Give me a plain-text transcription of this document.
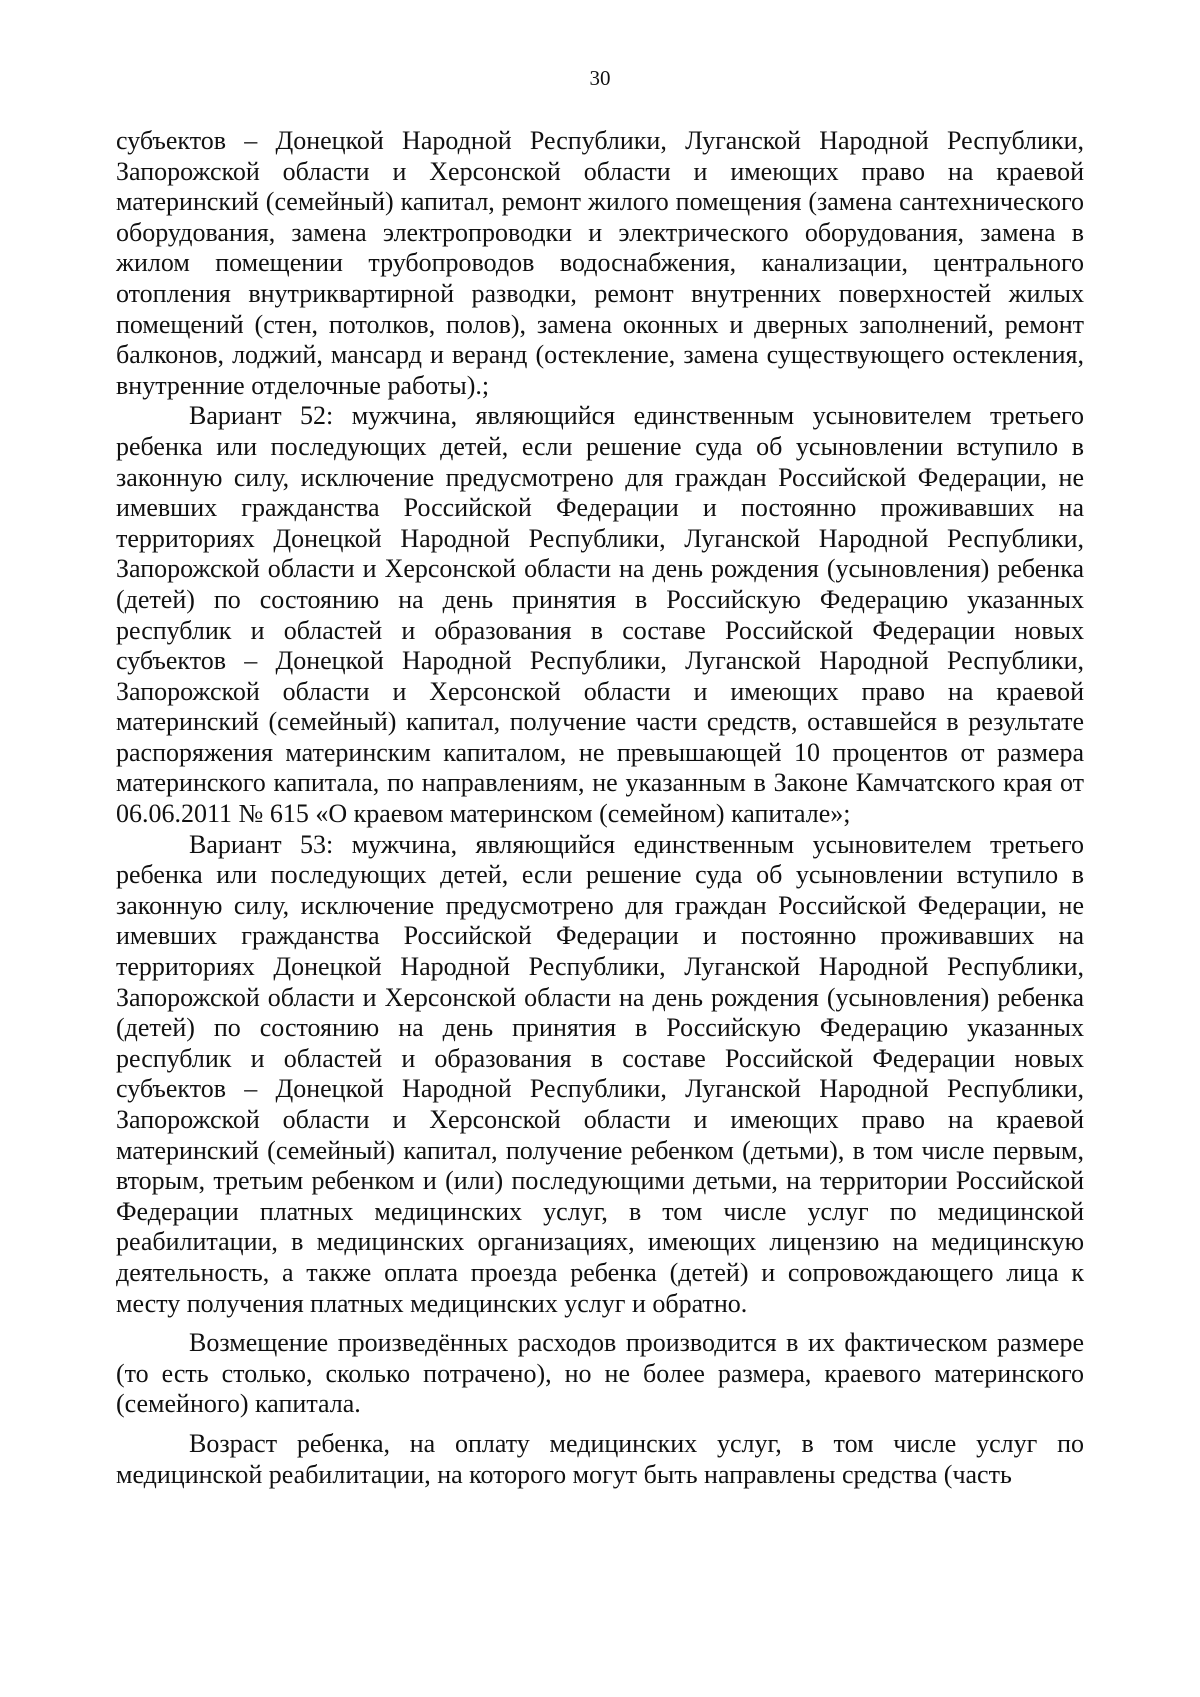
30

субъектов – Донецкой Народной Республики, Луганской Народной Республики, Запорожской области и Херсонской области и имеющих право на краевой материнский (семейный) капитал, ремонт жилого помещения (замена сантехнического оборудования, замена электропроводки и электрического оборудования, замена в жилом помещении трубопроводов водоснабжения, канализации, центрального отопления внутриквартирной разводки, ремонт внутренних поверхностей жилых помещений (стен, потолков, полов), замена оконных и дверных заполнений, ремонт балконов, лоджий, мансард и веранд (остекление, замена существующего остекления, внутренние отделочные работы).;

Вариант 52: мужчина, являющийся единственным усыновителем третьего ребенка или последующих детей, если решение суда об усыновлении вступило в законную силу, исключение предусмотрено для граждан Российской Федерации, не имевших гражданства Российской Федерации и постоянно проживавших на территориях Донецкой Народной Республики, Луганской Народной Республики, Запорожской области и Херсонской области на день рождения (усыновления) ребенка (детей) по состоянию на день принятия в Российскую Федерацию указанных республик и областей и образования в составе Российской Федерации новых субъектов – Донецкой Народной Республики, Луганской Народной Республики, Запорожской области и Херсонской области и имеющих право на краевой материнский (семейный) капитал, получение части средств, оставшейся в результате распоряжения материнским капиталом, не превышающей 10 процентов от размера материнского капитала, по направлениям, не указанным в Законе Камчатского края от 06.06.2011 № 615 «О краевом материнском (семейном) капитале»;

Вариант 53: мужчина, являющийся единственным усыновителем третьего ребенка или последующих детей, если решение суда об усыновлении вступило в законную силу, исключение предусмотрено для граждан Российской Федерации, не имевших гражданства Российской Федерации и постоянно проживавших на территориях Донецкой Народной Республики, Луганской Народной Республики, Запорожской области и Херсонской области на день рождения (усыновления) ребенка (детей) по состоянию на день принятия в Российскую Федерацию указанных республик и областей и образования в составе Российской Федерации новых субъектов – Донецкой Народной Республики, Луганской Народной Республики, Запорожской области и Херсонской области и имеющих право на краевой материнский (семейный) капитал, получение ребенком (детьми), в том числе первым, вторым, третьим ребенком и (или) последующими детьми, на территории Российской Федерации платных медицинских услуг, в том числе услуг по медицинской реабилитации, в медицинских организациях, имеющих лицензию на медицинскую деятельность, а также оплата проезда ребенка (детей) и сопровождающего лица к месту получения платных медицинских услуг и обратно.

Возмещение произведённых расходов производится в их фактическом размере (то есть столько, сколько потрачено), но не более размера, краевого материнского (семейного) капитала.

Возраст ребенка, на оплату медицинских услуг, в том числе услуг по медицинской реабилитации, на которого могут быть направлены средства (часть
